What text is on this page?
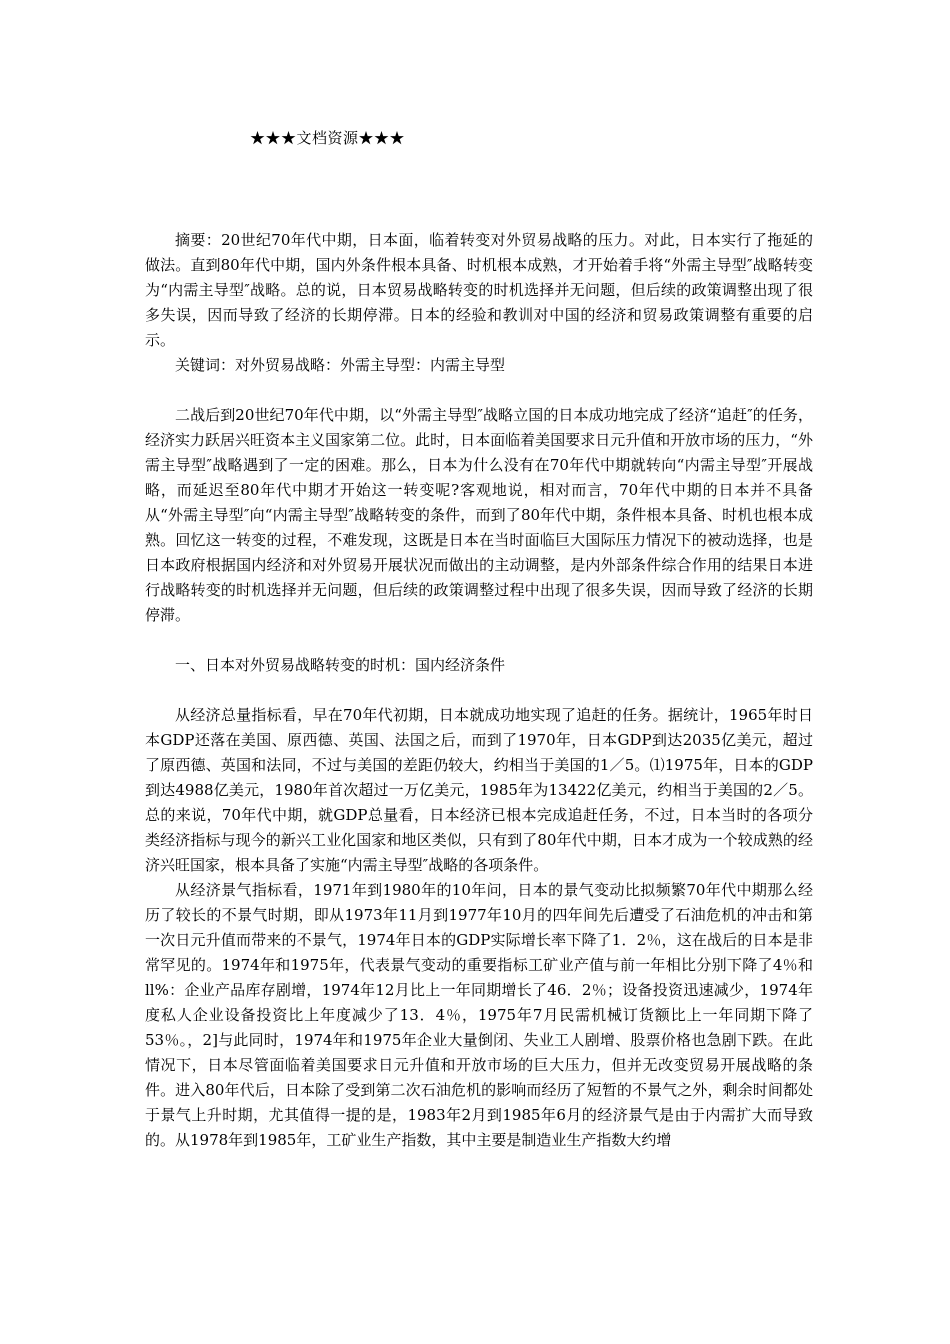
★★★文档资源★★★

摘要：20世纪70年代中期，日本面，临着转变对外贸易战略的压力。对此，日本实行了拖延的做法。直到80年代中期，国内外条件根本具备、时机根本成熟，才开始着手将“外需主导型″战略转变为“内需主导型″战略。总的说，日本贸易战略转变的时机选择并无问题，但后续的政策调整出现了很多失误，因而导致了经济的长期停滞。日本的经验和教训对中国的经济和贸易政策调整有重要的启示。

关键词：对外贸易战略：外需主导型：内需主导型

二战后到20世纪70年代中期，以“外需主导型″战略立国的日本成功地完成了经济“追赶″的任务，经济实力跃居兴旺资本主义国家第二位。此时，日本面临着美国要求日元升值和开放市场的压力，“外需主导型″战略遇到了一定的困难。那么，日本为什么没有在70年代中期就转向“内需主导型″开展战略，而延迟至80年代中期才开始这一转变呢?客观地说，相对而言，70年代中期的日本并不具备从“外需主导型″向“内需主导型″战略转变的条件，而到了80年代中期，条件根本具备、时机也根本成熟。回忆这一转变的过程，不难发现，这既是日本在当时面临巨大国际压力情况下的被动选择，也是日本政府根据国内经济和对外贸易开展状况而做出的主动调整，是内外部条件综合作用的结果日本进行战略转变的时机选择并无问题，但后续的政策调整过程中出现了很多失误，因而导致了经济的长期停滞。

一、日本对外贸易战略转变的时机：国内经济条件

从经济总量指标看，早在70年代初期，日本就成功地实现了追赶的任务。据统计，1965年时日本GDP还落在美国、原西德、英国、法国之后，而到了1970年，日本GDP到达2035亿美元，超过了原西德、英国和法同，不过与美国的差距仍较大，约相当于美国的1／5。⑴1975年，日本的GDP到达4988亿美元，1980年首次超过一万亿美元，1985年为13422亿美元，约相当于美国的2／5。总的来说，70年代中期，就GDP总量看，日本经济已根本完成追赶任务，不过，日本当时的各项分类经济指标与现今的新兴工业化国家和地区类似，只有到了80年代中期，日本才成为一个较成熟的经济兴旺国家，根本具备了实施“内需主导型″战略的各项条件。

从经济景气指标看，1971年到1980年的10年问，日本的景气变动比拟频繁70年代中期那么经历了较长的不景气时期，即从1973年11月到1977年10月的四年间先后遭受了石油危机的冲击和第一次日元升值而带来的不景气，1974年日本的GDP实际增长率下降了1．2％，这在战后的日本是非常罕见的。1974年和1975年，代表景气变动的重要指标工矿业产值与前一年相比分别下降了4％和ll%：企业产品库存剧增，1974年12月比上一年同期增长了46．2％；设备投资迅速减少，1974年度私人企业设备投资比上年度减少了13．4％，1975年7月民需机械订货额比上一年同期下降了53％。，2]与此同时，1974年和1975年企业大量倒闭、失业工人剧增、股票价格也急剧下跌。在此情况下，日本尽管面临着美国要求日元升值和开放市场的巨大压力，但并无改变贸易开展战略的条件。进入80年代后，日本除了受到第二次石油危机的影响而经历了短暂的不景气之外，剩余时间都处于景气上升时期，尤其值得一提的是，1983年2月到1985年6月的经济景气是由于内需扩大而导致的。从1978年到1985年，工矿业生产指数，其中主要是制造业生产指数大约增
